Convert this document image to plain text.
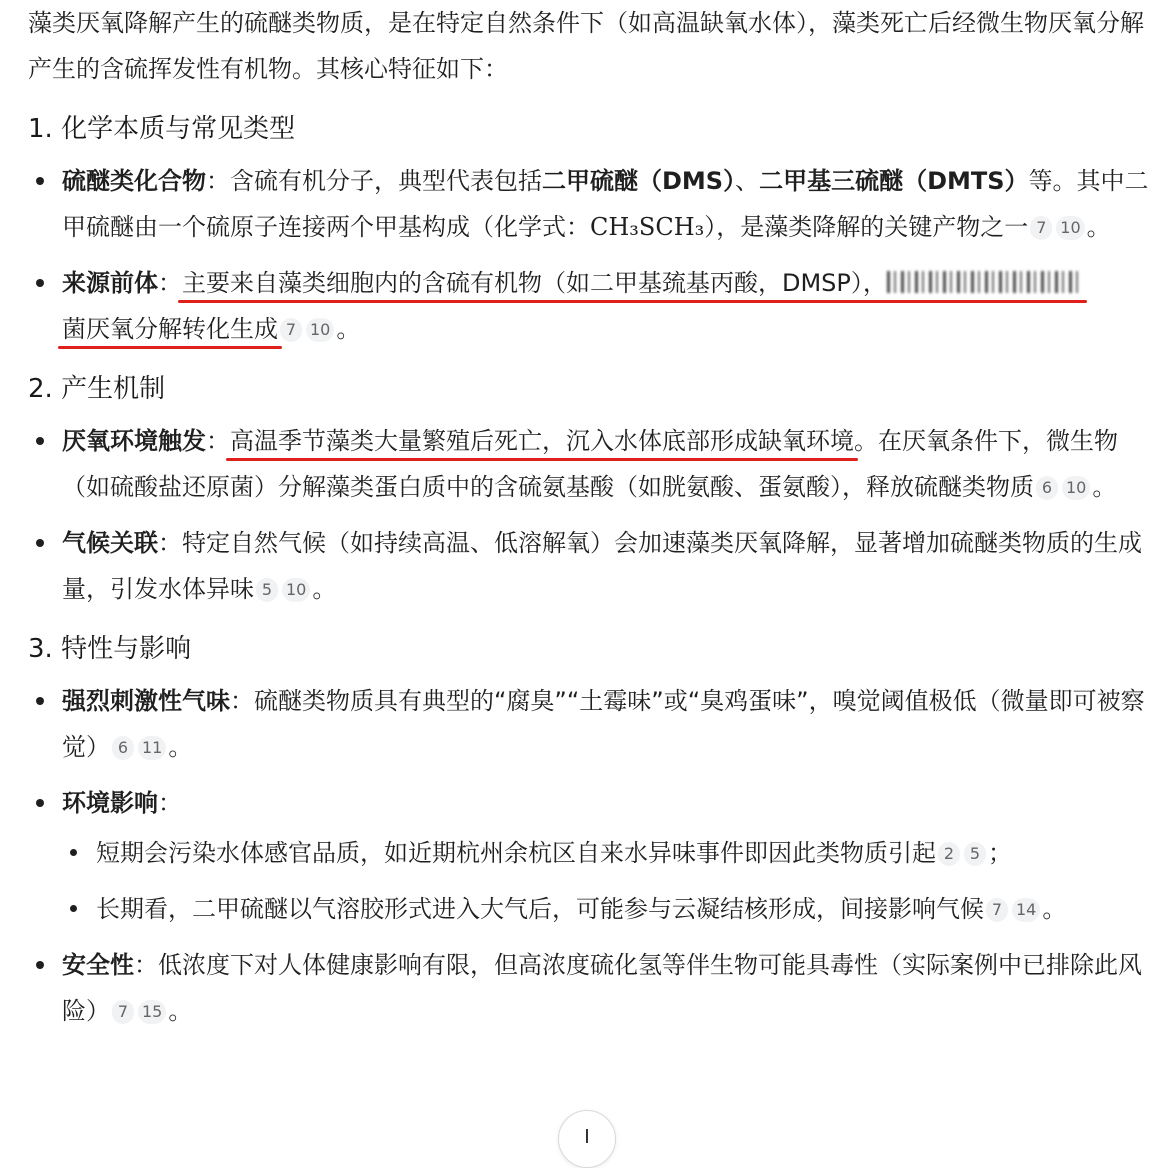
藻类厌氧降解产生的硫醚类物质，是在特定自然条件下（如高温缺氧水体），藻类死亡后经微生物厌氧分解产生的含硫挥发性有机物。其核心特征如下：

1. 化学本质与常见类型
硫醚类化合物：含硫有机分子，典型代表包括二甲硫醚（DMS）、二甲基三硫醚（DMTS）等。其中二甲硫醚由一个硫原子连接两个甲基构成（化学式：CH₃SCH₃），是藻类降解的关键产物之一 7 10 。
来源前体：主要来自藻类细胞内的含硫有机物（如二甲基巯基丙酸，DMSP），
菌厌氧分解转化生成 7 10 。
2. 产生机制
厌氧环境触发：高温季节藻类大量繁殖后死亡，沉入水体底部形成缺氧环境。在厌氧条件下，微生物（如硫酸盐还原菌）分解藻类蛋白质中的含硫氨基酸（如胱氨酸、蛋氨酸），释放硫醚类物质 6 10 。
气候关联：特定自然气候（如持续高温、低溶解氧）会加速藻类厌氧降解，显著增加硫醚类物质的生成量，引发水体异味 5 10 。
3. 特性与影响
强烈刺激性气味：硫醚类物质具有典型的“腐臭”“土霉味”或“臭鸡蛋味”，嗅觉阈值极低（微量即可被察觉） 6 11 。
环境影响：
短期会污染水体感官品质，如近期杭州余杭区自来水异味事件即因此类物质引起 2 5 ；
长期看，二甲硫醚以气溶胶形式进入大气后，可能参与云凝结核形成，间接影响气候 7 14 。
安全性：低浓度下对人体健康影响有限，但高浓度硫化氢等伴生物可能具毒性（实际案例中已排除此风险） 7 15 。
